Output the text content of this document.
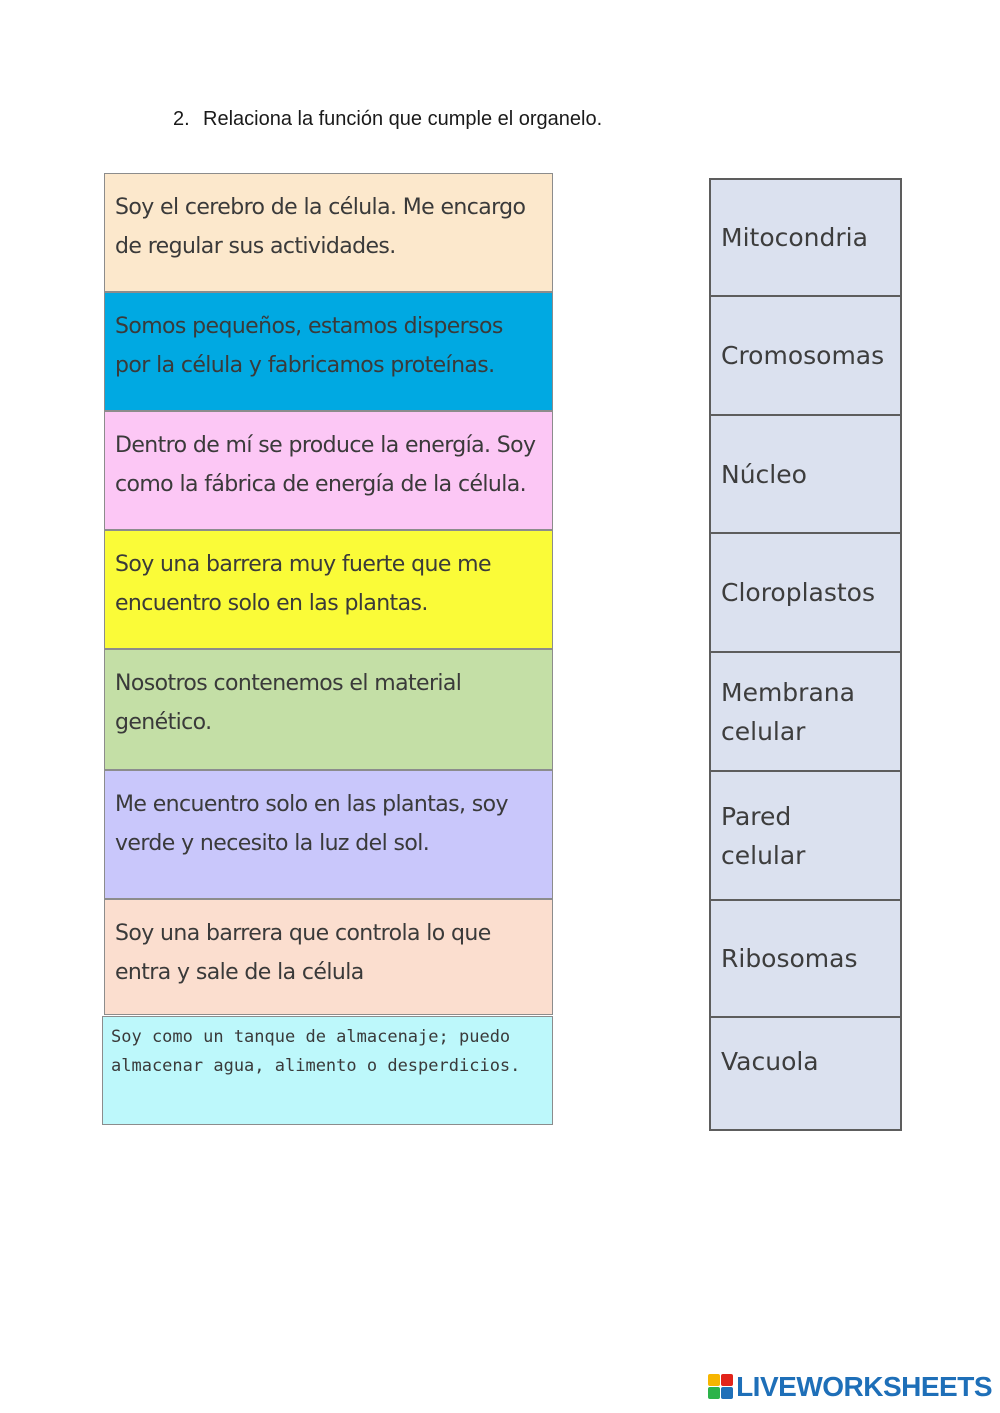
2. Relaciona la función que cumple el organelo.
Soy el cerebro de la célula. Me encargo de regular sus actividades.
Somos pequeños, estamos dispersos por la célula y fabricamos proteínas.
Dentro de mí se produce la energía. Soy como la fábrica de energía de la célula.
Soy una barrera muy fuerte que me encuentro solo en las plantas.
Nosotros contenemos el material genético.
Me encuentro solo en las plantas, soy verde y necesito la luz del sol.
Soy una barrera que controla lo que entra y sale de la célula
Soy como un tanque de almacenaje; puedo almacenar agua, alimento o desperdicios.
Mitocondria
Cromosomas
Núcleo
Cloroplastos
Membrana celular
Pared celular
Ribosomas
Vacuola
LIVEWORKSHEETS
